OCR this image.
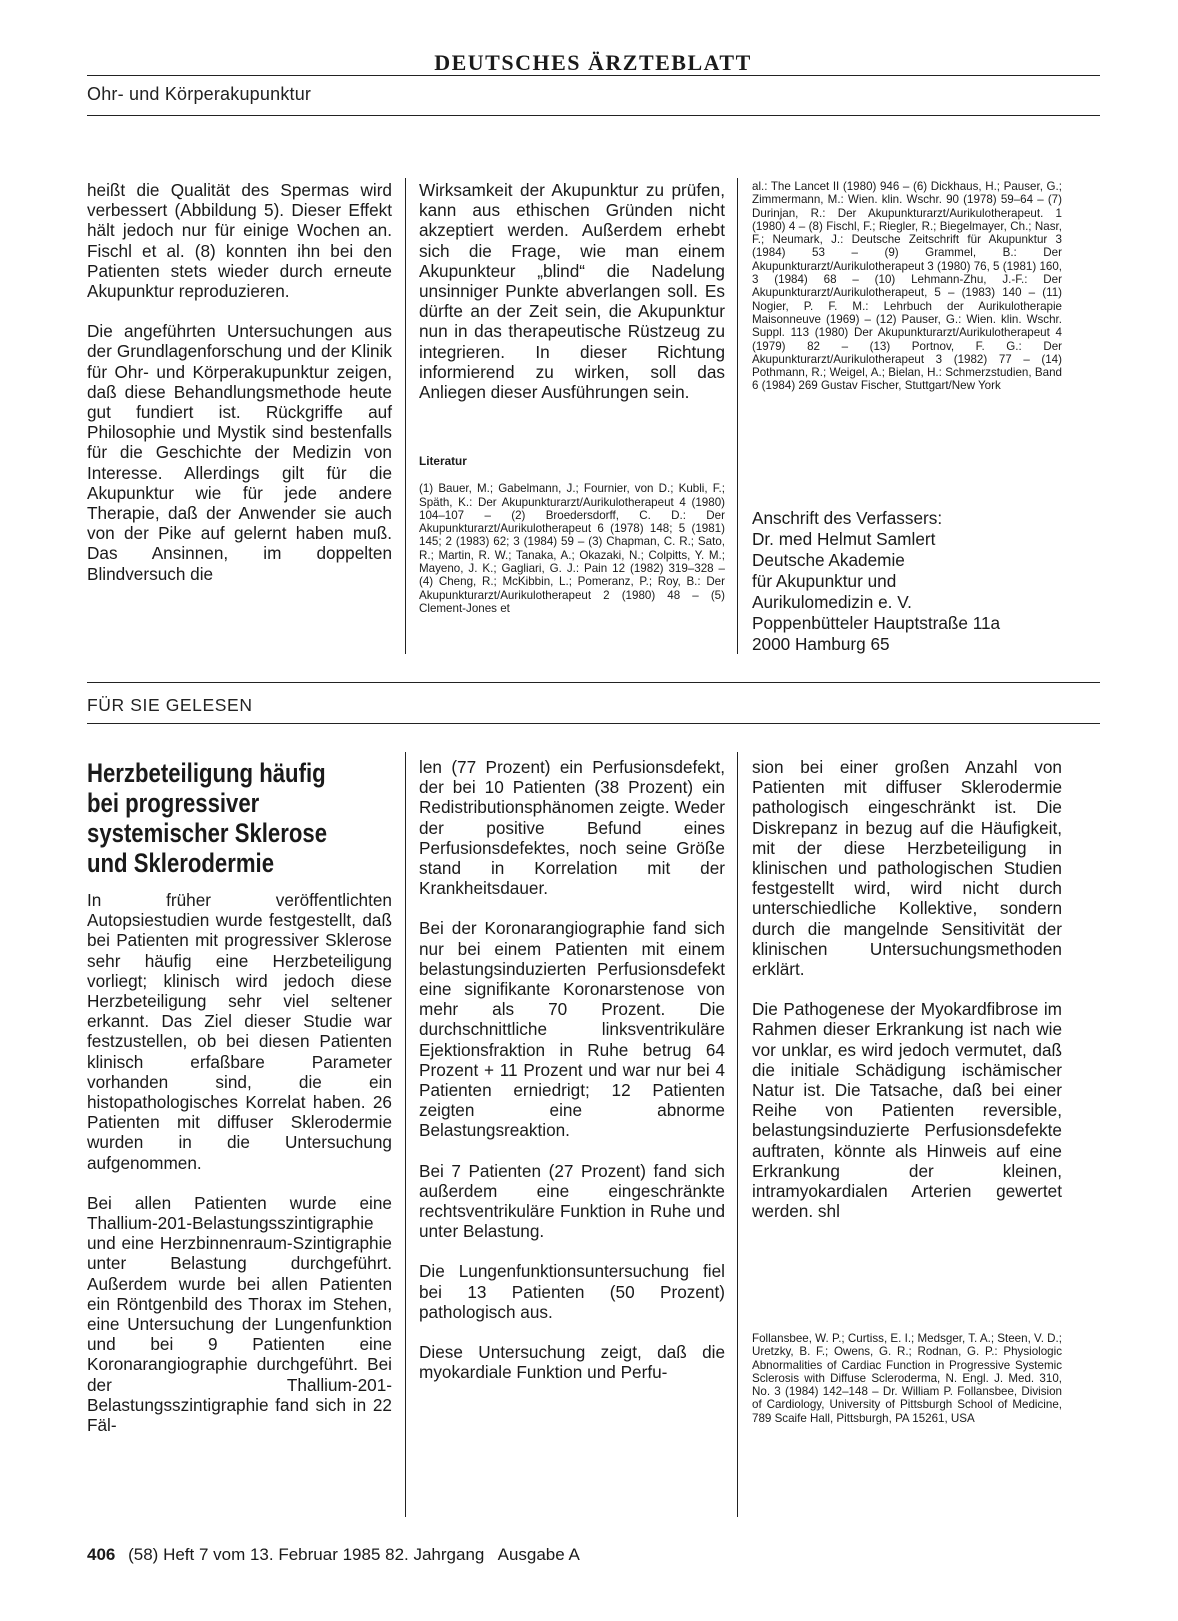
DEUTSCHES ÄRZTEBLATT
Ohr- und Körperakupunktur

heißt die Qualität des Spermas wird verbessert (Abbildung 5). Dieser Effekt hält jedoch nur für einige Wochen an. Fischl et al. (8) konnten ihn bei den Patienten stets wieder durch erneute Akupunktur reproduzieren.

Die angeführten Untersuchungen aus der Grundlagenforschung und der Klinik für Ohr- und Körperakupunktur zeigen, daß diese Behandlungsmethode heute gut fundiert ist. Rückgriffe auf Philosophie und Mystik sind bestenfalls für die Geschichte der Medizin von Interesse. Allerdings gilt für die Akupunktur wie für jede andere Therapie, daß der Anwender sie auch von der Pike auf gelernt haben muß. Das Ansinnen, im doppelten Blindversuch die

Wirksamkeit der Akupunktur zu prüfen, kann aus ethischen Gründen nicht akzeptiert werden. Außerdem erhebt sich die Frage, wie man einem Akupunkteur „blind“ die Nadelung unsinniger Punkte abverlangen soll. Es dürfte an der Zeit sein, die Akupunktur nun in das therapeutische Rüstzeug zu integrieren. In dieser Richtung informierend zu wirken, soll das Anliegen dieser Ausführungen sein.

Literatur

(1) Bauer, M.; Gabelmann, J.; Fournier, von D.; Kubli, F.; Späth, K.: Der Akupunkturarzt/Aurikulotherapeut 4 (1980) 104–107 – (2) Broedersdorff, C. D.: Der Akupunkturarzt/Aurikulotherapeut 6 (1978) 148; 5 (1981) 145; 2 (1983) 62; 3 (1984) 59 – (3) Chapman, C. R.; Sato, R.; Martin, R. W.; Tanaka, A.; Okazaki, N.; Colpitts, Y. M.; Mayeno, J. K.; Gagliari, G. J.: Pain 12 (1982) 319–328 – (4) Cheng, R.; McKibbin, L.; Pomeranz, P.; Roy, B.: Der Akupunkturarzt/Aurikulotherapeut 2 (1980) 48 – (5) Clement-Jones et

al.: The Lancet II (1980) 946 – (6) Dickhaus, H.; Pauser, G.; Zimmermann, M.: Wien. klin. Wschr. 90 (1978) 59–64 – (7) Durinjan, R.: Der Akupunkturarzt/Aurikulotherapeut. 1 (1980) 4 – (8) Fischl, F.; Riegler, R.; Biegelmayer, Ch.; Nasr, F.; Neumark, J.: Deutsche Zeitschrift für Akupunktur 3 (1984) 53 – (9) Grammel, B.: Der Akupunkturarzt/Aurikulotherapeut 3 (1980) 76, 5 (1981) 160, 3 (1984) 68 – (10) Lehmann-Zhu, J.-F.: Der Akupunkturarzt/Aurikulotherapeut, 5 – (1983) 140 – (11) Nogier, P. F. M.: Lehrbuch der Aurikulotherapie Maisonneuve (1969) – (12) Pauser, G.: Wien. klin. Wschr. Suppl. 113 (1980) Der Akupunkturarzt/Aurikulotherapeut 4 (1979) 82 – (13) Portnov, F. G.: Der Akupunkturarzt/Aurikulotherapeut 3 (1982) 77 – (14) Pothmann, R.; Weigel, A.; Bielan, H.: Schmerzstudien, Band 6 (1984) 269 Gustav Fischer, Stuttgart/New York

Anschrift des Verfassers:
Dr. med Helmut Samlert
Deutsche Akademie
für Akupunktur und
Aurikulomedizin e. V.
Poppenbütteler Hauptstraße 11a
2000 Hamburg 65
FÜR SIE GELESEN
Herzbeteiligung häufig
bei progressiver
systemischer Sklerose
und Sklerodermie

In früher veröffentlichten Autopsiestudien wurde festgestellt, daß bei Patienten mit progressiver Sklerose sehr häufig eine Herzbeteiligung vorliegt; klinisch wird jedoch diese Herzbeteiligung sehr viel seltener erkannt. Das Ziel dieser Studie war festzustellen, ob bei diesen Patienten klinisch erfaßbare Parameter vorhanden sind, die ein histopathologisches Korrelat haben. 26 Patienten mit diffuser Sklerodermie wurden in die Untersuchung aufgenommen.

Bei allen Patienten wurde eine Thallium-201-Belastungsszintigraphie und eine Herzbinnenraum-Szintigraphie unter Belastung durchgeführt. Außerdem wurde bei allen Patienten ein Röntgenbild des Thorax im Stehen, eine Untersuchung der Lungenfunktion und bei 9 Patienten eine Koronarangiographie durchgeführt. Bei der Thallium-201-Belastungsszintigraphie fand sich in 22 Fäl-

len (77 Prozent) ein Perfusionsdefekt, der bei 10 Patienten (38 Prozent) ein Redistributionsphänomen zeigte. Weder der positive Befund eines Perfusionsdefektes, noch seine Größe stand in Korrelation mit der Krankheitsdauer.

Bei der Koronarangiographie fand sich nur bei einem Patienten mit einem belastungsinduzierten Perfusionsdefekt eine signifikante Koronarstenose von mehr als 70 Prozent. Die durchschnittliche linksventrikuläre Ejektionsfraktion in Ruhe betrug 64 Prozent + 11 Prozent und war nur bei 4 Patienten erniedrigt; 12 Patienten zeigten eine abnorme Belastungsreaktion.

Bei 7 Patienten (27 Prozent) fand sich außerdem eine eingeschränkte rechtsventrikuläre Funktion in Ruhe und unter Belastung.

Die Lungenfunktionsuntersuchung fiel bei 13 Patienten (50 Prozent) pathologisch aus.

Diese Untersuchung zeigt, daß die myokardiale Funktion und Perfu-

sion bei einer großen Anzahl von Patienten mit diffuser Sklerodermie pathologisch eingeschränkt ist. Die Diskrepanz in bezug auf die Häufigkeit, mit der diese Herzbeteiligung in klinischen und pathologischen Studien festgestellt wird, wird nicht durch unterschiedliche Kollektive, sondern durch die mangelnde Sensitivität der klinischen Untersuchungsmethoden erklärt.

Die Pathogenese der Myokardfibrose im Rahmen dieser Erkrankung ist nach wie vor unklar, es wird jedoch vermutet, daß die initiale Schädigung ischämischer Natur ist. Die Tatsache, daß bei einer Reihe von Patienten reversible, belastungsinduzierte Perfusionsdefekte auftraten, könnte als Hinweis auf eine Erkrankung der kleinen, intramyokardialen Arterien gewertet werden. shl

Follansbee, W. P.; Curtiss, E. I.; Medsger, T. A.; Steen, V. D.; Uretzky, B. F.; Owens, G. R.; Rodnan, G. P.: Physiologic Abnormalities of Cardiac Function in Progressive Systemic Sclerosis with Diffuse Scleroderma, N. Engl. J. Med. 310, No. 3 (1984) 142–148 – Dr. William P. Follansbee, Division of Cardiology, University of Pittsburgh School of Medicine, 789 Scaife Hall, Pittsburgh, PA 15261, USA

406 (58) Heft 7 vom 13. Februar 1985 82. Jahrgang   Ausgabe A
